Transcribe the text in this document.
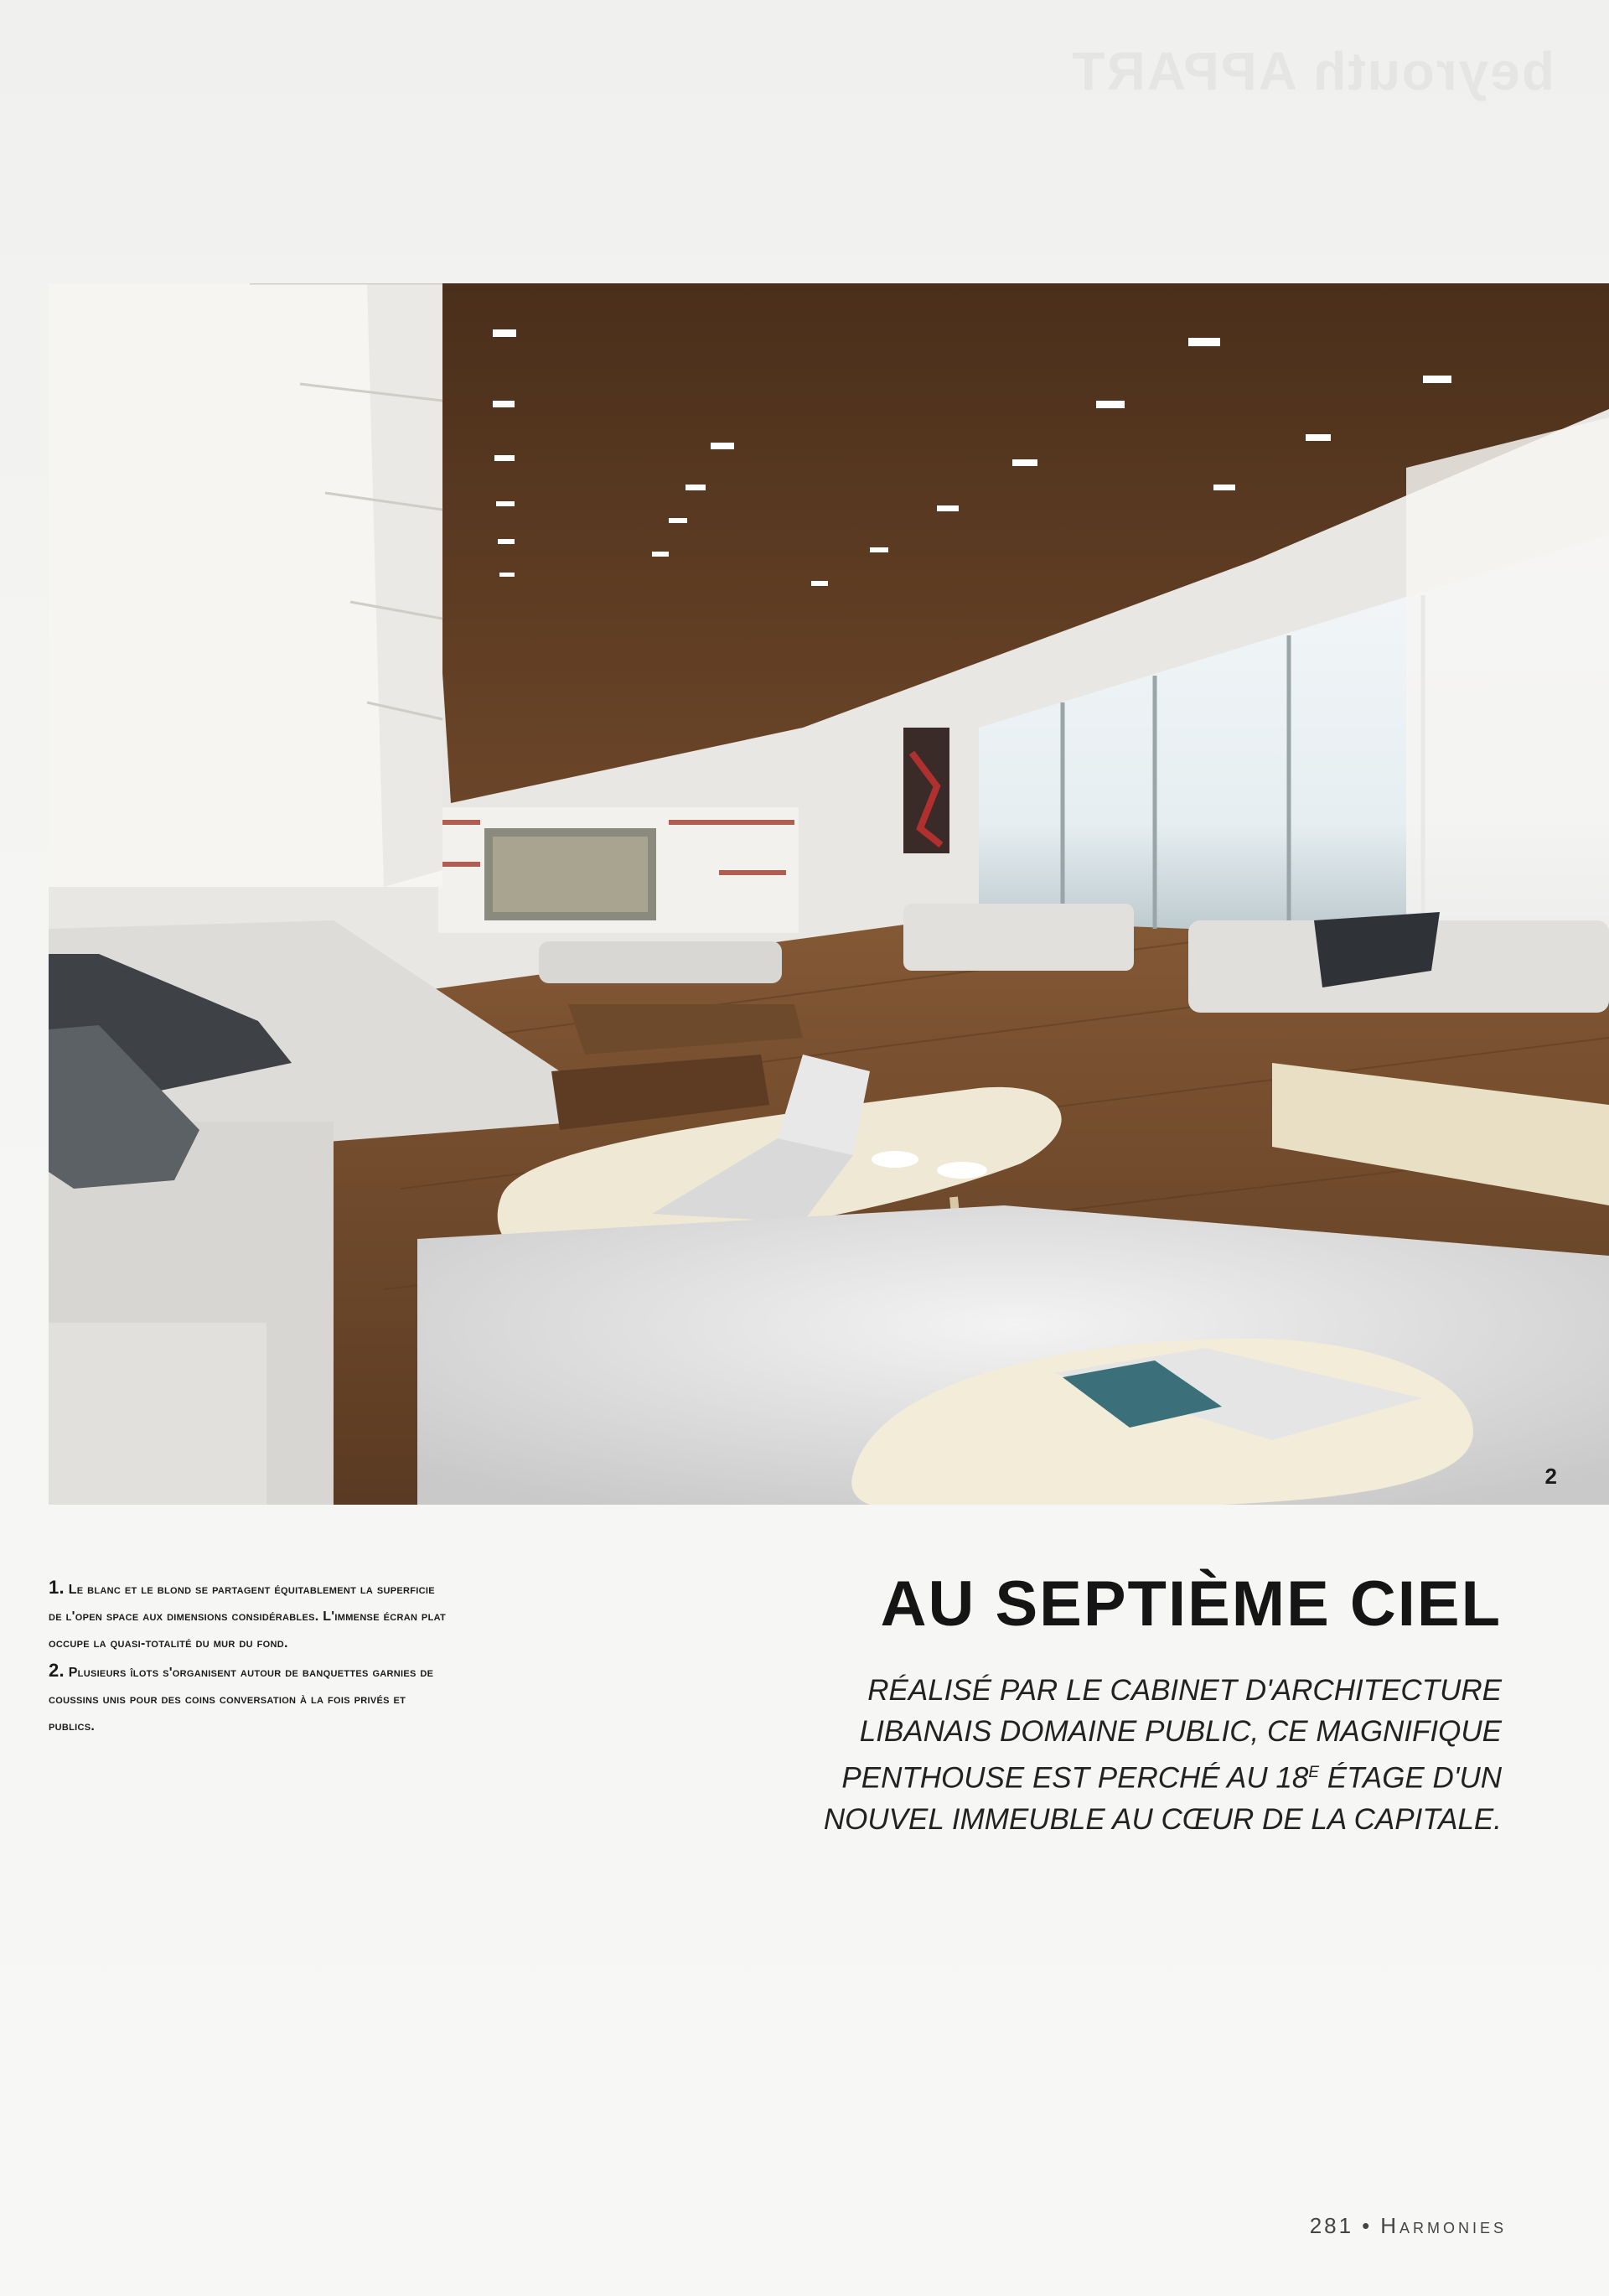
beyrouth APPART
2

1. Le blanc et le blond se partagent équitablement la superficie de l'open space aux dimensions considérables. L'immense écran plat occupe la quasi-totalité du mur du fond.

2. Plusieurs îlots s'organisent autour de banquettes garnies de coussins unis pour des coins conversation à la fois privés et publics.

AU SEPTIÈME CIEL
RÉALISÉ PAR LE CABINET D'ARCHITECTURE LIBANAIS DOMAINE PUBLIC, CE MAGNIFIQUE PENTHOUSE EST PERCHÉ AU $18^E$ ÉTAGE D'UN NOUVEL IMMEUBLE AU CŒUR DE LA CAPITALE.
281 • Harmonies
